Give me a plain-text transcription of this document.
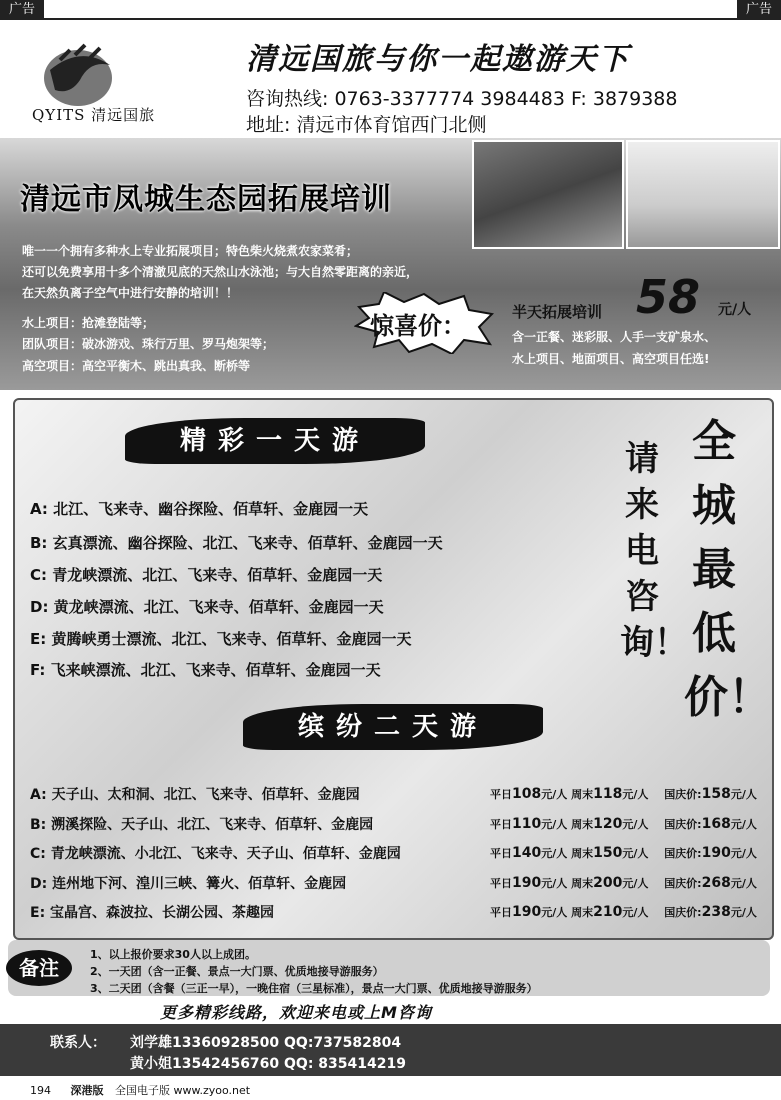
广告	广告
QYITS 清远国旅
清远国旅与你一起遨游天下
咨询热线: 0763-3377774 3984483 F: 3879388
地址: 清远市体育馆西门北侧
清远市凤城生态园拓展培训
唯一一个拥有多种水上专业拓展项目；特色柴火烧煮农家菜肴；
还可以免费享用十多个清澈见底的天然山水泳池；与大自然零距离的亲近，
在天然负离子空气中进行安静的培训！！
水上项目：抢滩登陆等；
团队项目：破冰游戏、珠行万里、罗马炮架等；
高空项目：高空平衡木、跳出真我、断桥等
惊喜价：	半天拓展培训 58 元/人
含一正餐、迷彩服、人手一支矿泉水、
水上项目、地面项目、高空项目任选!
精彩一天游
A: 北江、飞来寺、幽谷探险、佰草轩、金鹿园一天
B: 玄真漂流、幽谷探险、北江、飞来寺、佰草轩、金鹿园一天
C: 青龙峡漂流、北江、飞来寺、佰草轩、金鹿园一天
D: 黄龙峡漂流、北江、飞来寺、佰草轩、金鹿园一天
E: 黄腾峡勇士漂流、北江、飞来寺、佰草轩、金鹿园一天
F: 飞来峡漂流、北江、飞来寺、佰草轩、金鹿园一天
请来电咨询！
全城最低价！
缤纷二天游
A: 天子山、太和洞、北江、飞来寺、佰草轩、金鹿园	平日108元/人 周末118元/人 国庆价:158元/人
B: 溯溪探险、天子山、北江、飞来寺、佰草轩、金鹿园	平日110元/人 周末120元/人 国庆价:168元/人
C: 青龙峡漂流、小北江、飞来寺、天子山、佰草轩、金鹿园	平日140元/人 周末150元/人 国庆价:190元/人
D: 连州地下河、湟川三峡、篝火、佰草轩、金鹿园	平日190元/人 周末200元/人 国庆价:268元/人
E: 宝晶宫、森波拉、长湖公园、茶趣园	平日190元/人 周末210元/人 国庆价:238元/人
备注
1、以上报价要求30人以上成团。
2、一天团（含一正餐、景点一大门票、优质地接导游服务）
3、二天团（含餐（三正一早），一晚住宿（三星标准），景点一大门票、优质地接导游服务）
更多精彩线路，欢迎来电或上M咨询
联系人： 刘学雄13360928500 QQ:737582804
黄小姐13542456760 QQ: 835414219
194 深港版 全国电子版 www.zyoo.net
